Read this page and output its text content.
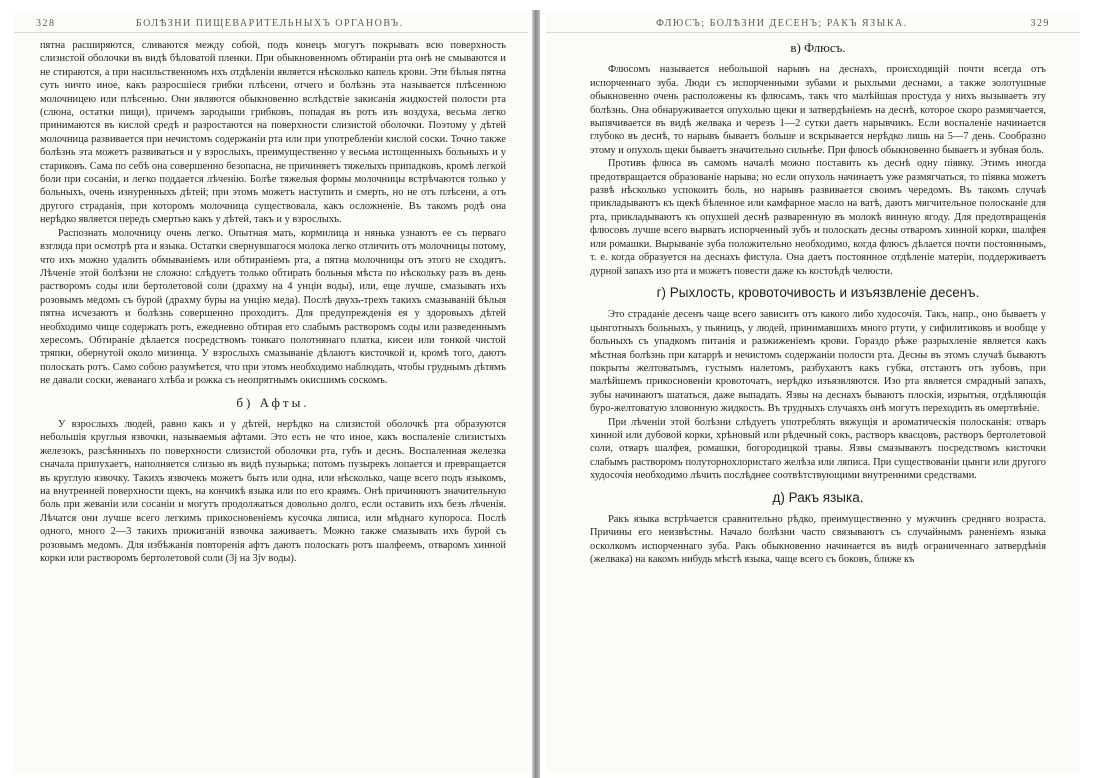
328	БОЛѢЗНИ ПИЩЕВАРИТЕЛЬНЫХЪ ОРГАНОВЪ.

пятна расширяются, сливаются между собой, подъ конецъ могутъ покрывать всю поверхность слизистой оболочки въ видѣ бѣловатой пленки. При обыкновенномъ обтираніи рта онѣ не смываются и не стираются, а при насильственномъ ихъ отдѣленіи является нѣсколько капель крови. Эти бѣлыя пятна суть ничто иное, какъ разросшіеся грибки плѣсени, отчего и болѣзнь эта называется плѣсенною молочницею или плѣсенью. Они являются обыкновенно вслѣдствіе закисанія жидкостей полости рта (слюна, остатки пищи), причемъ зародыши грибковъ, попадая въ ротъ изъ воздуха, весьма легко принимаются въ кислой средѣ и разростаются на поверхности слизистой оболочки. Поэтому у дѣтей молочница развивается при нечистомъ содержаніи рта или при употребленіи кислой соски. Точно также болѣзнь эта можетъ развиваться и у взрослыхъ, преимущественно у весьма истощенныхъ больныхъ и у стариковъ. Сама по себѣ она совершенно безопасна, не причиняетъ тяжелыхъ припадковъ, кромѣ легкой боли при сосаніи, и легко поддается лѣченію. Болѣе тяжелыя формы молочницы встрѣчаются только у больныхъ, очень изнуренныхъ дѣтей; при этомъ можетъ наступить и смерть, но не отъ плѣсени, а отъ другого страданія, при которомъ молочница существовала, какъ осложненіе. Въ такомъ родѣ она нерѣдко является передъ смертью какъ у дѣтей, такъ и у взрослыхъ.

Распознать молочницу очень легко. Опытная мать, кормилица и нянька узнаютъ ее съ перваго взгляда при осмотрѣ рта и языка. Остатки свернувшагося молока легко отличить отъ молочницы потому, что ихъ можно удалить обмываніемъ или обтираніемъ рта, а пятна молочницы отъ этого не сходятъ. Лѣченіе этой болѣзни не сложно: слѣдуетъ только обтирать больныя мѣста по нѣскольку разъ въ день растворомъ соды или бертолетовой соли (драхму на 4 унціи воды), или, еще лучше, смазывать ихъ розовымъ медомъ съ бурой (драхму буры на унцію меда). Послѣ двухъ-трехъ такихъ смазываній бѣлыя пятна исчезаютъ и болѣзнь совершенно проходитъ. Для предупрежденія ея у здоровыхъ дѣтей необходимо чище содержать ротъ, ежедневно обтирая его слабымъ растворомъ соды или разведеннымъ хересомъ. Обтираніе дѣлается посредствомъ тонкаго полотнянаго платка, кисеи или тонкой чистой тряпки, обернутой около мизинца. У взрослыхъ смазываніе дѣлаютъ кисточкой и, кромѣ того, даютъ полоскать ротъ. Само собою разумѣется, что при этомъ необходимо наблюдать, чтобы груднымъ дѣтямъ не давали соски, жеванаго хлѣба и рожка съ неопрятнымъ окисшимъ соскомъ.

б) Афты.

У взрослыхъ людей, равно какъ и у дѣтей, нерѣдко на слизистой оболочкѣ рта образуются небольшія круглыя язвочки, называемыя афтами. Это есть не что иное, какъ воспаленіе слизистыхъ железокъ, разсѣянныхъ по поверхности слизистой оболочки рта, губъ и деснъ. Воспаленная железка сначала припухаетъ, наполняется слизью въ видѣ пузырька; потомъ пузырекъ лопается и превращается въ круглую язвочку. Такихъ язвочекъ можетъ быть или одна, или нѣсколько, чаще всего подъ языкомъ, на внутренней поверхности щекъ, на кончикѣ языка или по его краямъ. Онѣ причиняютъ значительную боль при жеваніи или сосаніи и могутъ продолжаться довольно долго, если оставить ихъ безъ лѣченія. Лѣчатся они лучше всего легкимъ прикосновеніемъ кусочка ляписа, или мѣднаго купороса. Послѣ одного, много 2—3 такихъ прижиганій язвочка заживаетъ. Можно также смазывать ихъ бурой съ розовымъ медомъ. Для избѣжанія повторенія афтъ даютъ полоскать ротъ шалфеемъ, отваромъ хинной корки или растворомъ бертолетовой соли (3j на 3jv воды).

ФЛЮСЪ; БОЛѢЗНИ ДЕСЕНЪ; РАКЪ ЯЗЫКА.	329
в) Флюсъ.

Флюсомъ называется небольшой нарывъ на деснахъ, происходящій почти всегда отъ испорченнаго зуба. Люди съ испорченными зубами и рыхлыми деснами, а также золотушные обыкновенно очень расположены къ флюсамъ, такъ что малѣйшая простуда у нихъ вызываетъ эту болѣзнь. Она обнаруживается опухолью щеки и затвердѣніемъ на деснѣ, которое скоро размягчается, выпячивается въ видѣ желвака и черезъ 1—2 сутки даетъ нарывчикъ. Если воспаленіе начинается глубоко въ деснѣ, то нарывъ бываетъ больше и вскрывается нерѣдко лишь на 5—7 день. Сообразно этому и опухоль щеки бываетъ значительно сильнѣе. При флюсѣ обыкновенно бываетъ и зубная боль.

Противъ флюса въ самомъ началѣ можно поставить къ деснѣ одну піявку. Этимъ иногда предотвращается образованіе нарыва; но если опухоль начинаетъ уже размягчаться, то піявка можетъ развѣ нѣсколько успокоить боль, но нарывъ развивается своимъ чередомъ. Въ такомъ случаѣ прикладываютъ къ щекѣ бѣленное или камфарное масло на ватѣ, даютъ мягчительное полосканіе для рта, прикладываютъ къ опухшей деснѣ разваренную въ молокѣ винную ягоду. Для предотвращенія флюсовъ лучше всего вырвать испорченный зубъ и полоскать десны отваромъ хинной корки, шалфея или ромашки. Вырываніе зуба положительно необходимо, когда флюсъ дѣлается почти постояннымъ, т. е. когда образуется на деснахъ фистула. Она даетъ постоянное отдѣленіе матеріи, поддерживаетъ дурной запахъ изо рта и можетъ повести даже къ костоѣдѣ челюсти.

г) Рыхлость, кровоточивость и изъязвленіе десенъ.

Это страданіе десенъ чаще всего зависитъ отъ какого либо худосочія. Такъ, напр., оно бываетъ у цынготныхъ больныхъ, у пьяницъ, у людей, принимавшихъ много ртути, у сифилитиковъ и вообще у больныхъ съ упадкомъ питанія и разжиженіемъ крови. Гораздо рѣже разрыхленіе является какъ мѣстная болѣзнь при катаррѣ и нечистомъ содержаніи полости рта. Десны въ этомъ случаѣ бываютъ покрыты желтоватымъ, густымъ налетомъ, разбухаютъ какъ губка, отстаютъ отъ зубовъ, при малѣйшемъ прикосновеніи кровоточатъ, нерѣдко изъязвляются. Изо рта является смрадный запахъ, зубы начинаютъ шататься, даже выпадать. Язвы на деснахъ бываютъ плоскія, изрытыя, отдѣляющія буро-желтоватую зловонную жидкость. Въ трудныхъ случаяхъ онѣ могутъ переходить въ омертвѣніе.

При лѣченіи этой болѣзни слѣдуетъ употреблять вяжущія и ароматическія полосканія: отваръ хинной или дубовой корки, хрѣновый или рѣдечный сокъ, растворъ квасцовъ, растворъ бертолетовой соли, отваръ шалфея, ромашки, богородицкой травы. Язвы смазываютъ посредствомъ кисточки слабымъ растворомъ полуторнохлористаго желѣза или ляписа. При существованіи цынги или другого худосочія необходимо лѣчить послѣднее соотвѣтствующими внутренними средствами.

д) Ракъ языка.

Ракъ языка встрѣчается сравнительно рѣдко, преимущественно у мужчинъ средняго возраста. Причины его неизвѣстны. Начало болѣзни часто связываютъ съ случайнымъ раненіемъ языка осколкомъ испорченнаго зуба. Ракъ обыкновенно начинается въ видѣ ограниченнаго затвердѣнія (желвака) на какомъ нибудь мѣстѣ языка, чаще всего съ боковъ, ближе къ
